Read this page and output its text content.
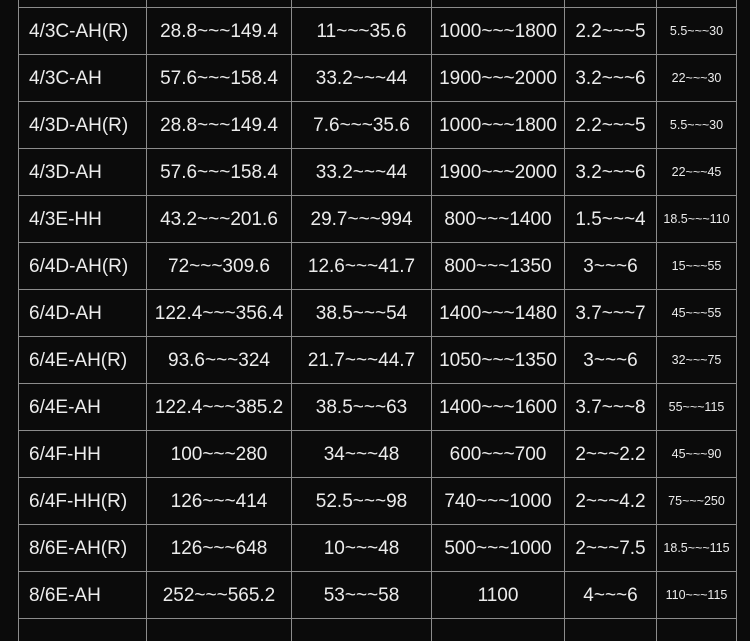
4/3C-AH(R)	28.8~~~149.4	11~~~35.6	1000~~~1800	2.2~~~5	5.5~~~30
4/3C-AH	57.6~~~158.4	33.2~~~44	1900~~~2000	3.2~~~6	22~~~30
4/3D-AH(R)	28.8~~~149.4	7.6~~~35.6	1000~~~1800	2.2~~~5	5.5~~~30
4/3D-AH	57.6~~~158.4	33.2~~~44	1900~~~2000	3.2~~~6	22~~~45
4/3E-HH	43.2~~~201.6	29.7~~~994	800~~~1400	1.5~~~4	18.5~~~110
6/4D-AH(R)	72~~~309.6	12.6~~~41.7	800~~~1350	3~~~6	15~~~55
6/4D-AH	122.4~~~356.4	38.5~~~54	1400~~~1480	3.7~~~7	45~~~55
6/4E-AH(R)	93.6~~~324	21.7~~~44.7	1050~~~1350	3~~~6	32~~~75
6/4E-AH	122.4~~~385.2	38.5~~~63	1400~~~1600	3.7~~~8	55~~~115
6/4F-HH	100~~~280	34~~~48	600~~~700	2~~~2.2	45~~~90
6/4F-HH(R)	126~~~414	52.5~~~98	740~~~1000	2~~~4.2	75~~~250
8/6E-AH(R)	126~~~648	10~~~48	500~~~1000	2~~~7.5	18.5~~~115
8/6E-AH	252~~~565.2	53~~~58	1100	4~~~6	110~~~115
